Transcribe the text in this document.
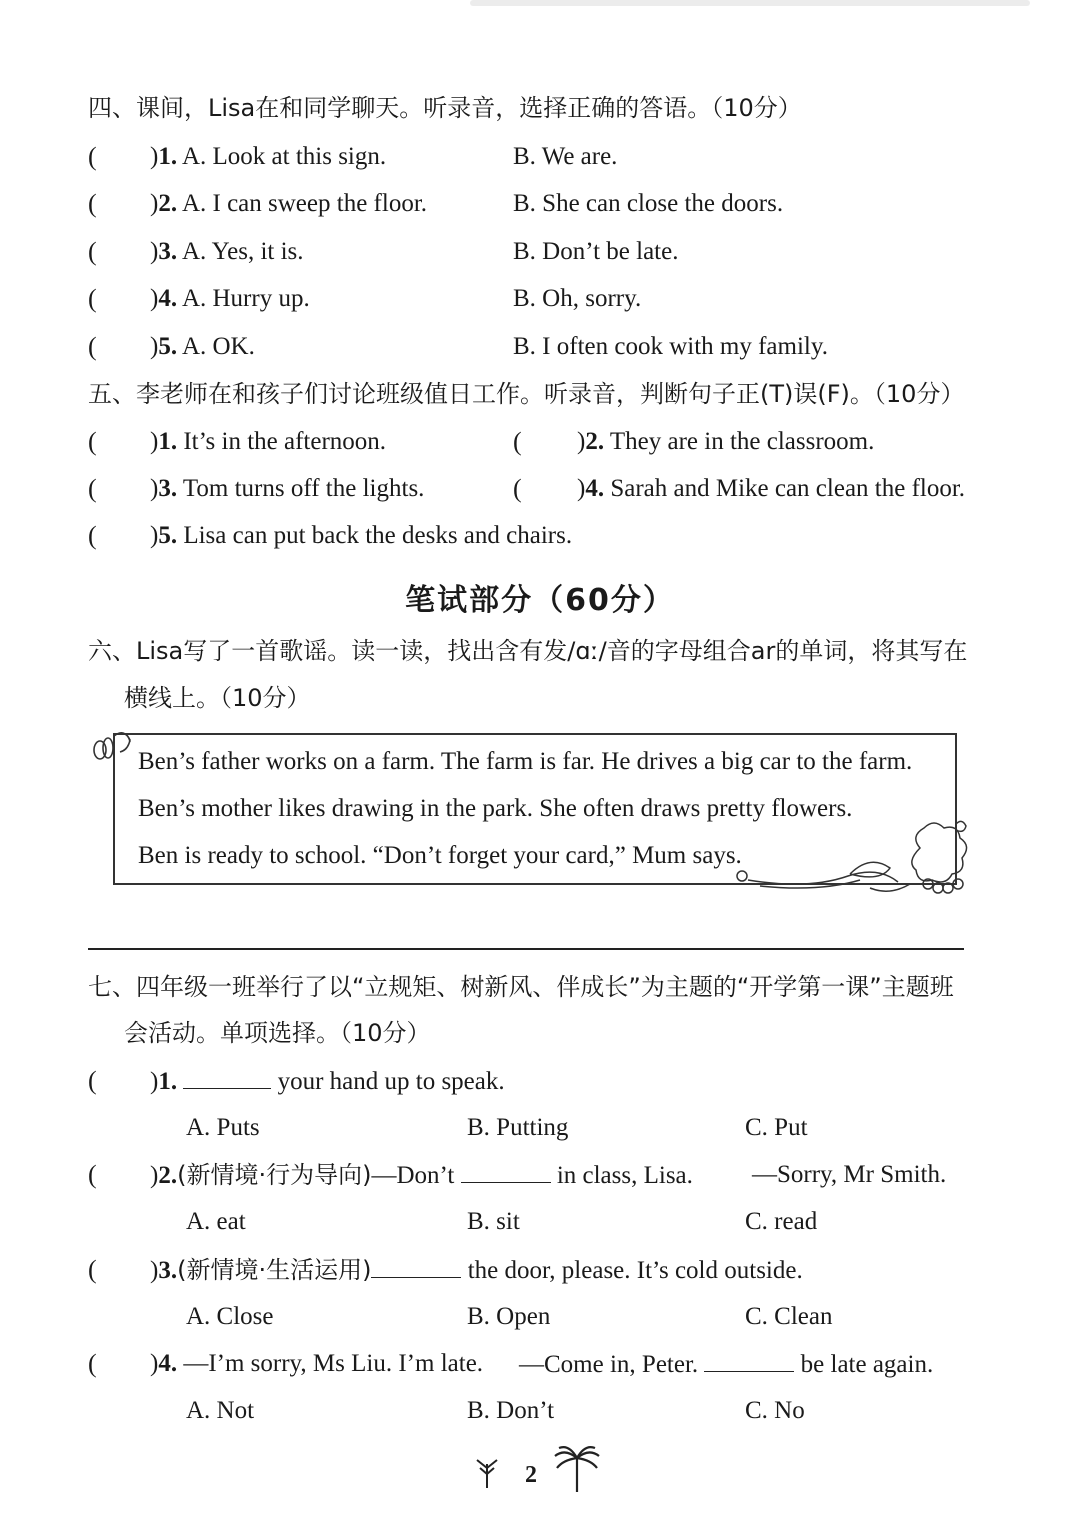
四、课间，Lisa在和同学聊天。听录音，选择正确的答语。（10分）
( )1. A. Look at this sign.	B. We are.
( )2. A. I can sweep the floor.	B. She can close the doors.
( )3. A. Yes, it is.	B. Don’t be late.
( )4. A. Hurry up.	B. Oh, sorry.
( )5. A. OK.	B. I often cook with my family.
五、李老师在和孩子们讨论班级值日工作。听录音，判断句子正(T)误(F)。（10分）
( )1. It’s in the afternoon.	( )2. They are in the classroom.
( )3. Tom turns off the lights.	( )4. Sarah and Mike can clean the floor.
( )5. Lisa can put back the desks and chairs.
笔试部分（60分）
六、Lisa写了一首歌谣。读一读，找出含有发/ɑː/音的字母组合ar的单词，将其写在
横线上。（10分）
Ben’s father works on a farm. The farm is far. He drives a big car to the farm.
Ben’s mother likes drawing in the park. She often draws pretty flowers.
Ben is ready to school. “Don’t forget your card,” Mum says.
七、四年级一班举行了以“立规矩、树新风、伴成长”为主题的“开学第一课”主题班
会活动。单项选择。（10分）
( )1.	your hand up to speak.
A. Puts	B. Putting	C. Put
( )2.(新情境·行为导向)—Don’t	in class, Lisa. —Sorry, Mr Smith.
A. eat	B. sit	C. read
( )3.(新情境·生活运用)	the door, please. It’s cold outside.
A. Close	B. Open	C. Clean
( )4. —I’m sorry, Ms Liu. I’m late. —Come in, Peter.	be late again.
A. Not	B. Don’t	C. No
2
